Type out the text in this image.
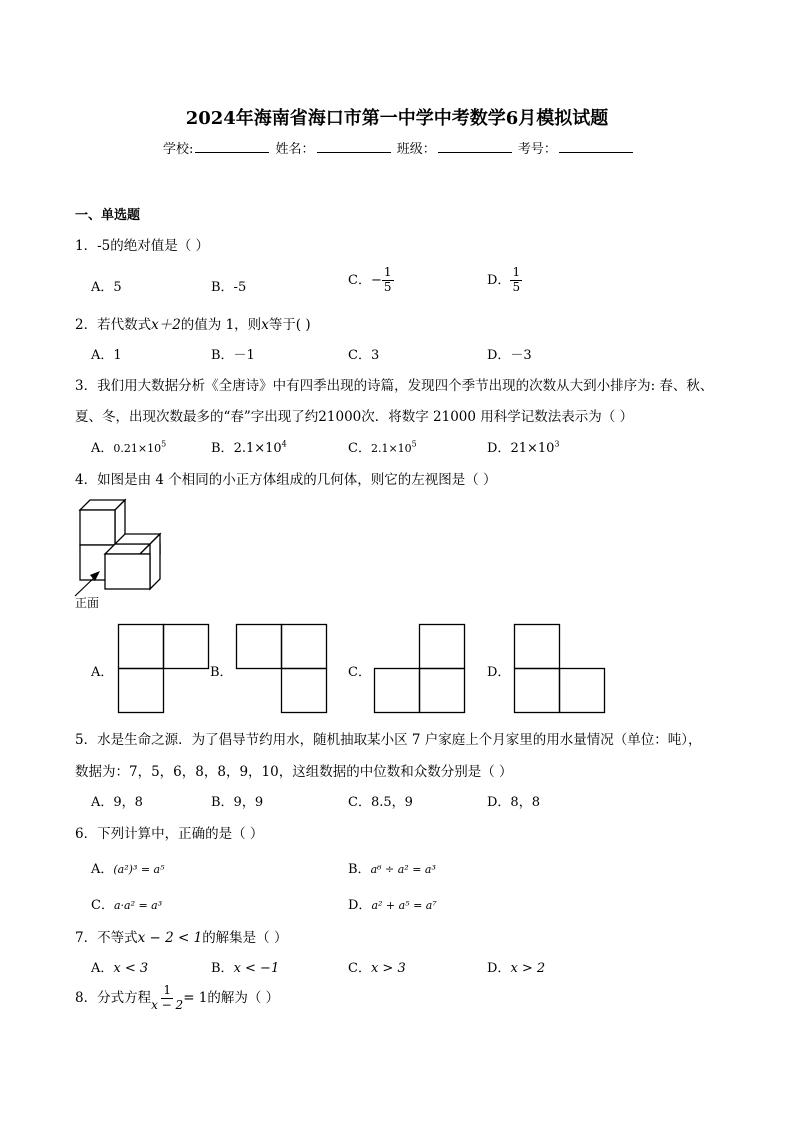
2024年海南省海口市第一中学中考数学6月模拟试题
学校:	姓名：	班级：	考号：
一、单选题
1．-5的绝对值是（ ）
A．5	B．-5	C．− $\frac{1}{5}$	D． $\frac{1}{5}$
2．若代数式x＋2的值为 1，则x等于( )
A．1	B．－1	C．3	D．－3
3．我们用大数据分析《全唐诗》中有四季出现的诗篇，发现四个季节出现的次数从大到小排序为: 春、秋、
夏、冬，出现次数最多的“春”字出现了约21000次．将数字 21000 用科学记数法表示为（ ）
A．$0.21\times 10^5$	B．$2.1\times 10^4$	C．$2.1\times 10^5$	D．$21\times 10^3$
4．如图是由 4 个相同的小正方体组成的几何体，则它的左视图是（ ）
正面
A．	B．	C．	D．
5．水是生命之源．为了倡导节约用水，随机抽取某小区 7 户家庭上个月家里的用水量情况（单位：吨），
数据为：7，5，6，8，8，9，10，这组数据的中位数和众数分别是（ ）
A．9，8	B．9，9	C．8.5，9	D．8，8
6．下列计算中，正确的是（ ）
A．(a²)³ = a⁵	B．a⁶ ÷ a² = a³
C．a·a² = a³	D．a² + a⁵ = a⁷
7．不等式x − 2 < 1的解集是（ ）
A．x < 3	B．x < −1	C．x > 3	D．x > 2
8．分式方程 $\frac{1}{x - 2} = 1$的解为（ ）
